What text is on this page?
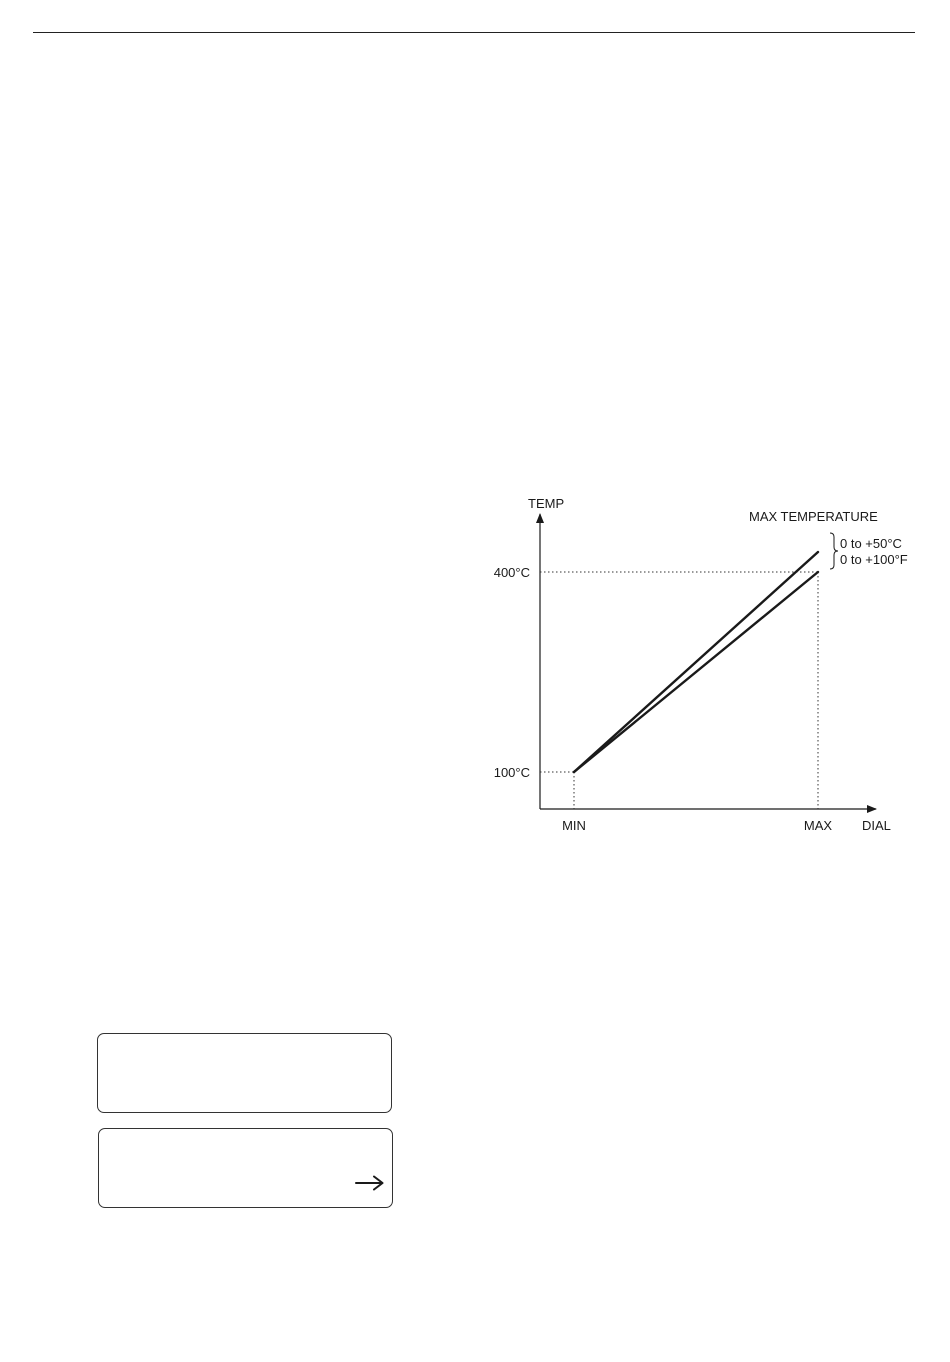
TEMP
DIAL
400°C
100°C
MIN	MAX
MAX TEMPERATURE
0 to +50°C
0 to +100°F
